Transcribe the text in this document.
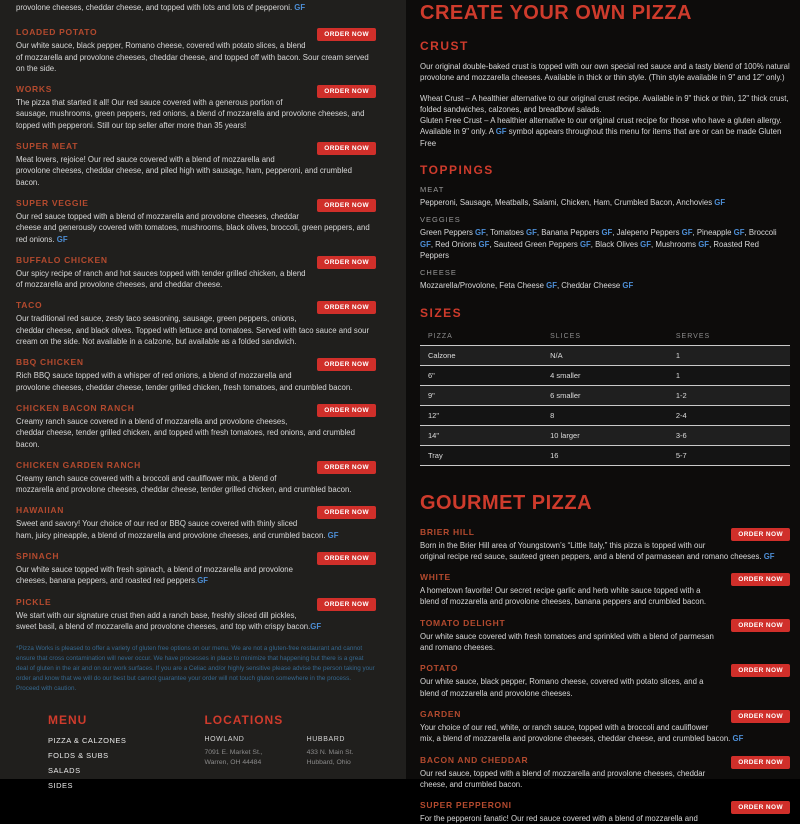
provolone cheeses, cheddar cheese, and topped with lots and lots of pepperoni. GF

ORDER NOW
LOADED POTATO

Our white sauce, black pepper, Romano cheese, covered with potato slices, a blend of mozzarella and provolone cheeses, cheddar cheese, and topped off with bacon. Sour cream served on the side.

ORDER NOW
WORKS

The pizza that started it all! Our red sauce covered with a generous portion of sausage, mushrooms, green peppers, red onions, a blend of mozzarella and provolone cheeses, and topped with pepperoni. Still our top seller after more than 35 years!

ORDER NOW
SUPER MEAT

Meat lovers, rejoice! Our red sauce covered with a blend of mozzarella and provolone cheeses, cheddar cheese, and piled high with sausage, ham, pepperoni, and crumbled bacon.

ORDER NOW
SUPER VEGGIE

Our red sauce topped with a blend of mozzarella and provolone cheeses, cheddar cheese and generously covered with tomatoes, mushrooms, black olives, broccoli, green peppers, and red onions. GF

ORDER NOW
BUFFALO CHICKEN

Our spicy recipe of ranch and hot sauces topped with tender grilled chicken, a blend of mozzarella and provolone cheeses, and cheddar cheese.

ORDER NOW
TACO

Our traditional red sauce, zesty taco seasoning, sausage, green peppers, onions, cheddar cheese, and black olives. Topped with lettuce and tomatoes. Served with taco sauce and sour cream on the side. Not available in a calzone, but available as a folded sandwich.

ORDER NOW
BBQ CHICKEN

Rich BBQ sauce topped with a whisper of red onions, a blend of mozzarella and provolone cheeses, cheddar cheese, tender grilled chicken, fresh tomatoes, and crumbled bacon.

ORDER NOW
CHICKEN BACON RANCH

Creamy ranch sauce covered in a blend of mozzarella and provolone cheeses, cheddar cheese, tender grilled chicken, and topped with fresh tomatoes, red onions, and crumbled bacon.

ORDER NOW
CHICKEN GARDEN RANCH

Creamy ranch sauce covered with a broccoli and cauliflower mix, a blend of mozzarella and provolone cheeses, cheddar cheese, tender grilled chicken, and crumbled bacon.

ORDER NOW
HAWAIIAN

Sweet and savory! Your choice of our red or BBQ sauce covered with thinly sliced ham, juicy pineapple, a blend of mozzarella and provolone cheeses, and crumbled bacon. GF

ORDER NOW
SPINACH

Our white sauce topped with fresh spinach, a blend of mozzarella and provolone cheeses, banana peppers, and roasted red peppers.GF

ORDER NOW
PICKLE

We start with our signature crust then add a ranch base, freshly sliced dill pickles, sweet basil, a blend of mozzarella and provolone cheeses, and top with crispy bacon.GF

*Pizza Works is pleased to offer a variety of gluten free options on our menu. We are not a gluten-free restaurant and cannot ensure that cross contamination will never occur. We have processes in place to minimize that happening but there is a great deal of gluten in the air and on our work surfaces. If you are a Celiac and/or highly sensitive please advise the person taking your order and know that we will do our best but cannot guarantee your order will not touch gluten somewhere in the process. Proceed with caution.

MENU
PIZZA & CALZONES
FOLDS & SUBS
SALADS
SIDES
LOCATIONS
HOWLAND

7091 E. Market St.,

Warren, OH 44484

HUBBARD

433 N. Main St.

Hubbard, Ohio

CREATE YOUR OWN PIZZA
CRUST

Our original double-baked crust is topped with our own special red sauce and a tasty blend of 100% natural provolone and mozzarella cheeses. Available in thick or thin style. (Thin style available in 9" and 12" only.)

Wheat Crust – A healthier alternative to our original crust recipe. Available in 9" thick or thin, 12" thick crust, folded sandwiches, calzones, and breadbowl salads.

Gluten Free Crust – A healthier alternative to our original crust recipe for those who have a gluten allergy. Available in 9" only. A GF symbol appears throughout this menu for items that are or can be made Gluten Free

TOPPINGS
MEAT

Pepperoni, Sausage, Meatballs, Salami, Chicken, Ham, Crumbled Bacon, Anchovies GF

VEGGIES

Green Peppers GF, Tomatoes GF, Banana Peppers GF, Jalepeno Peppers GF, Pineapple GF, Broccoli GF, Red Onions GF, Sauteed Green Peppers GF, Black Olives GF, Mushrooms GF, Roasted Red Peppers

CHEESE

Mozzarella/Provolone, Feta Cheese GF, Cheddar Cheese GF

SIZES
PIZZA	SLICES	SERVES
Calzone	N/A	1
6"	4 smaller	1
9"	6 smaller	1-2
12"	8	2-4
14"	10 larger	3-6
Tray	16	5-7
GOURMET PIZZA
ORDER NOW
BRIER HILL

Born in the Brier Hill area of Youngstown’s “Little Italy,” this pizza is topped with our original recipe red sauce, sauteed green peppers, and a blend of parmasean and romano cheeses. GF

ORDER NOW
WHITE

A hometown favorite! Our secret recipe garlic and herb white sauce topped with a blend of mozzarella and provolone cheeses, banana peppers and crumbled bacon.

ORDER NOW
TOMATO DELIGHT

Our white sauce covered with fresh tomatoes and sprinkled with a blend of parmesan and romano cheeses.

ORDER NOW
POTATO

Our white sauce, black pepper, Romano cheese, covered with potato slices, and a blend of mozzarella and provolone cheeses.

ORDER NOW
GARDEN

Your choice of our red, white, or ranch sauce, topped with a broccoli and cauliflower mix, a blend of mozzarella and provolone cheeses, cheddar cheese, and crumbled bacon. GF

ORDER NOW
BACON AND CHEDDAR

Our red sauce, topped with a blend of mozzarella and provolone cheeses, cheddar cheese, and crumbled bacon.

ORDER NOW
SUPER PEPPERONI

For the pepperoni fanatic! Our red sauce covered with a blend of mozzarella and
